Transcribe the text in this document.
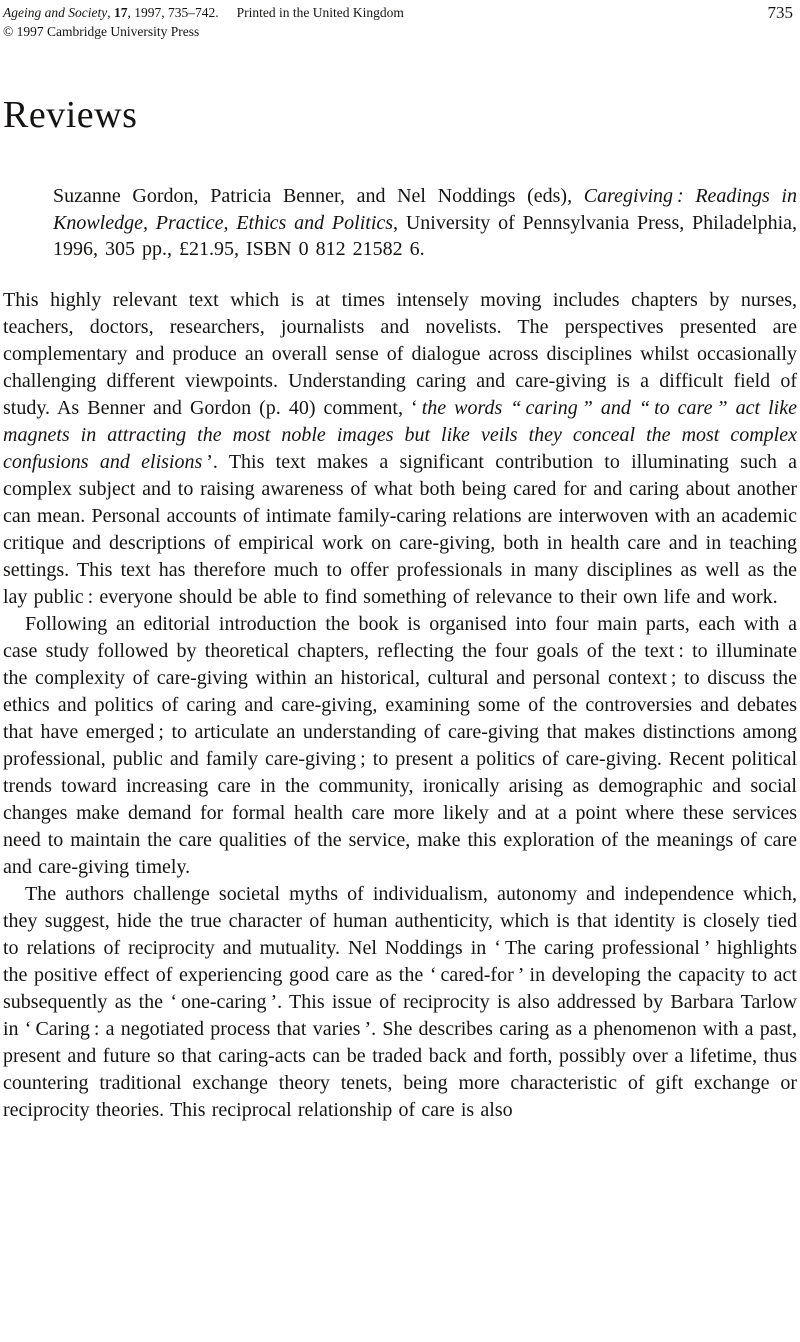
Ageing and Society, 17, 1997, 735–742. Printed in the United Kingdom
© 1997 Cambridge University Press
735
Reviews
Suzanne Gordon, Patricia Benner, and Nel Noddings (eds), Caregiving : Readings in Knowledge, Practice, Ethics and Politics, University of Pennsylvania Press, Philadelphia, 1996, 305 pp., £21.95, ISBN 0 812 21582 6.

This highly relevant text which is at times intensely moving includes chapters by nurses, teachers, doctors, researchers, journalists and novelists. The perspectives presented are complementary and produce an overall sense of dialogue across disciplines whilst occasionally challenging different viewpoints. Understanding caring and care-giving is a difficult field of study. As Benner and Gordon (p. 40) comment, ‘ the words “ caring ” and “ to care ” act like magnets in attracting the most noble images but like veils they conceal the most complex confusions and elisions ’. This text makes a significant contribution to illuminating such a complex subject and to raising awareness of what both being cared for and caring about another can mean. Personal accounts of intimate family-caring relations are interwoven with an academic critique and descriptions of empirical work on care-giving, both in health care and in teaching settings. This text has therefore much to offer professionals in many disciplines as well as the lay public : everyone should be able to find something of relevance to their own life and work.

Following an editorial introduction the book is organised into four main parts, each with a case study followed by theoretical chapters, reflecting the four goals of the text : to illuminate the complexity of care-giving within an historical, cultural and personal context ; to discuss the ethics and politics of caring and care-giving, examining some of the controversies and debates that have emerged ; to articulate an understanding of care-giving that makes distinctions among professional, public and family care-giving ; to present a politics of care-giving. Recent political trends toward increasing care in the community, ironically arising as demographic and social changes make demand for formal health care more likely and at a point where these services need to maintain the care qualities of the service, make this exploration of the meanings of care and care-giving timely.

The authors challenge societal myths of individualism, autonomy and independence which, they suggest, hide the true character of human authenticity, which is that identity is closely tied to relations of reciprocity and mutuality. Nel Noddings in ‘ The caring professional ’ highlights the positive effect of experiencing good care as the ‘ cared-for ’ in developing the capacity to act subsequently as the ‘ one-caring ’. This issue of reciprocity is also addressed by Barbara Tarlow in ‘ Caring : a negotiated process that varies ’. She describes caring as a phenomenon with a past, present and future so that caring-acts can be traded back and forth, possibly over a lifetime, thus countering traditional exchange theory tenets, being more characteristic of gift exchange or reciprocity theories. This reciprocal relationship of care is also
